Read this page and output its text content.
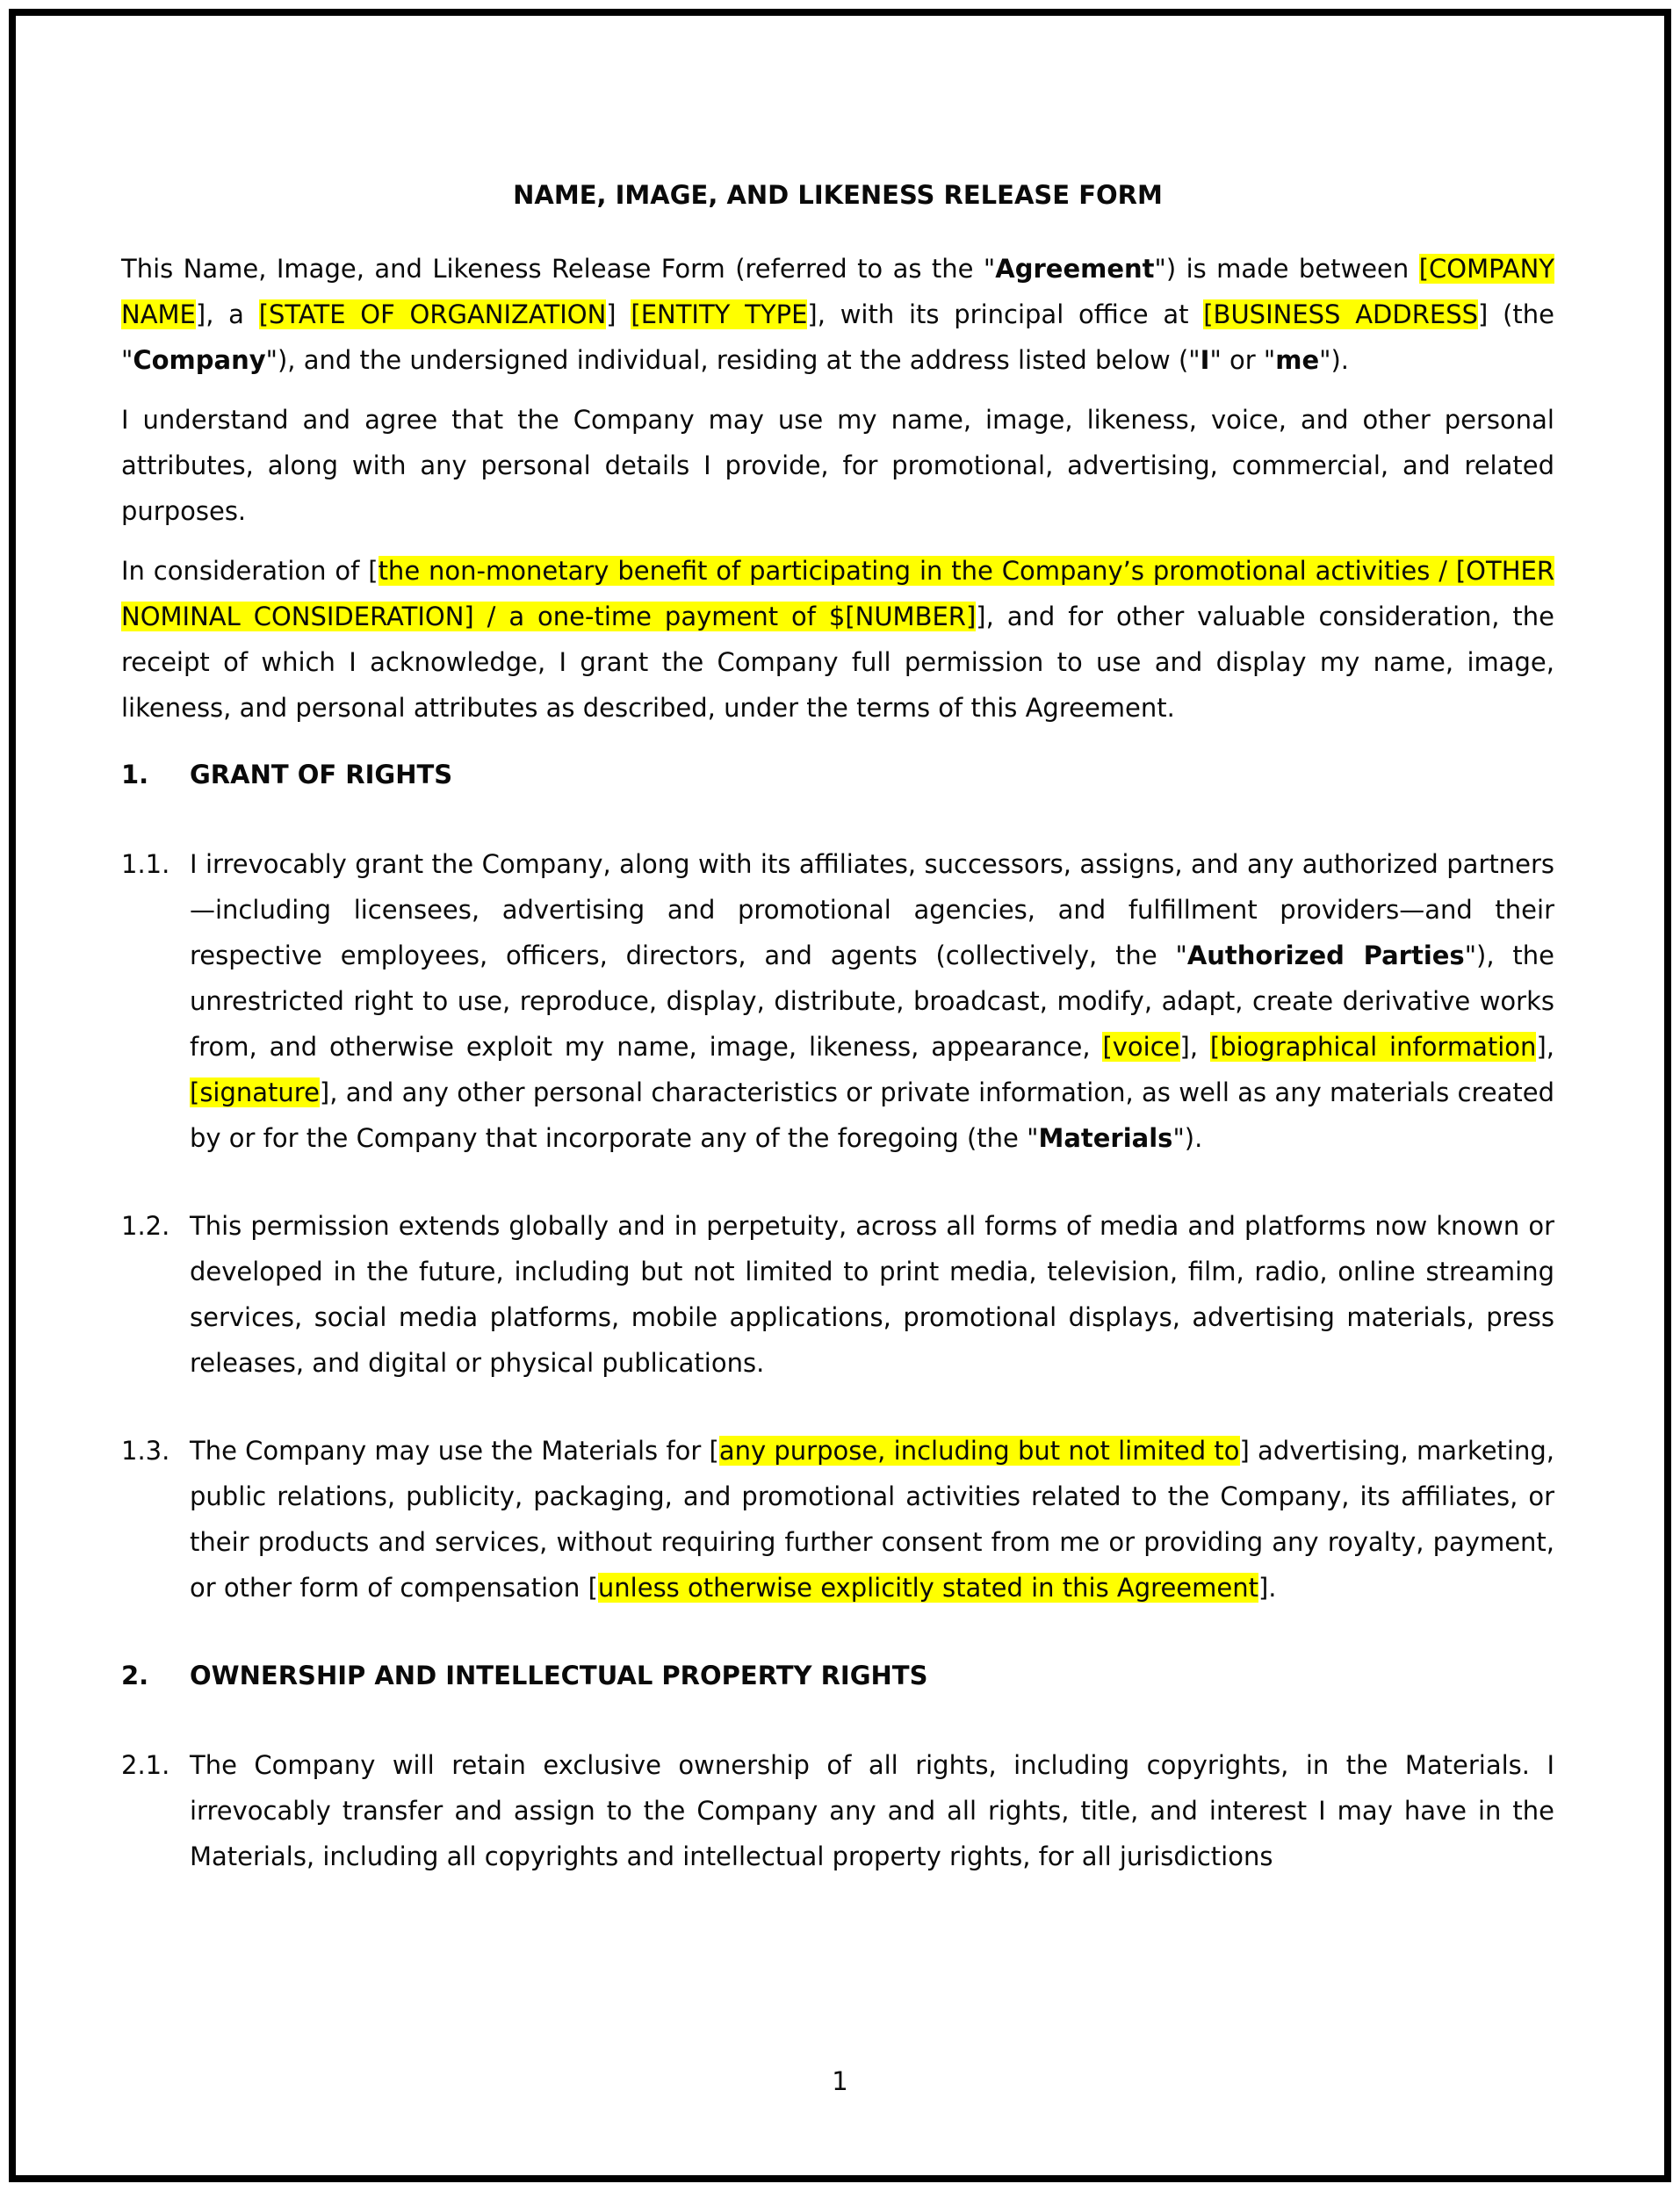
NAME, IMAGE, AND LIKENESS RELEASE FORM

This Name, Image, and Likeness Release Form (referred to as the "Agreement") is made between [COMPANY NAME], a [STATE OF ORGANIZATION] [ENTITY TYPE], with its principal office at [BUSINESS ADDRESS] (the "Company"), and the undersigned individual, residing at the address listed below ("I" or "me").

I understand and agree that the Company may use my name, image, likeness, voice, and other personal attributes, along with any personal details I provide, for promotional, advertising, commercial, and related purposes.

In consideration of [the non-monetary benefit of participating in the Company’s promotional activities / [OTHER NOMINAL CONSIDERATION] / a one-time payment of $[NUMBER]], and for other valuable consideration, the receipt of which I acknowledge, I grant the Company full permission to use and display my name, image, likeness, and personal attributes as described, under the terms of this Agreement.

1.	GRANT OF RIGHTS
1.1. I irrevocably grant the Company, along with its affiliates, successors, assigns, and any authorized partners—including licensees, advertising and promotional agencies, and fulfillment providers—and their respective employees, officers, directors, and agents (collectively, the "Authorized Parties"), the unrestricted right to use, reproduce, display, distribute, broadcast, modify, adapt, create derivative works from, and otherwise exploit my name, image, likeness, appearance, [voice], [biographical information], [signature], and any other personal characteristics or private information, as well as any materials created by or for the Company that incorporate any of the foregoing (the "Materials").
1.2. This permission extends globally and in perpetuity, across all forms of media and platforms now known or developed in the future, including but not limited to print media, television, film, radio, online streaming services, social media platforms, mobile applications, promotional displays, advertising materials, press releases, and digital or physical publications.
1.3. The Company may use the Materials for [any purpose, including but not limited to] advertising, marketing, public relations, publicity, packaging, and promotional activities related to the Company, its affiliates, or their products and services, without requiring further consent from me or providing any royalty, payment, or other form of compensation [unless otherwise explicitly stated in this Agreement].
2.	OWNERSHIP AND INTELLECTUAL PROPERTY RIGHTS
2.1. The Company will retain exclusive ownership of all rights, including copyrights, in the Materials. I irrevocably transfer and assign to the Company any and all rights, title, and interest I may have in the Materials, including all copyrights and intellectual property rights, for all jurisdictions
1
